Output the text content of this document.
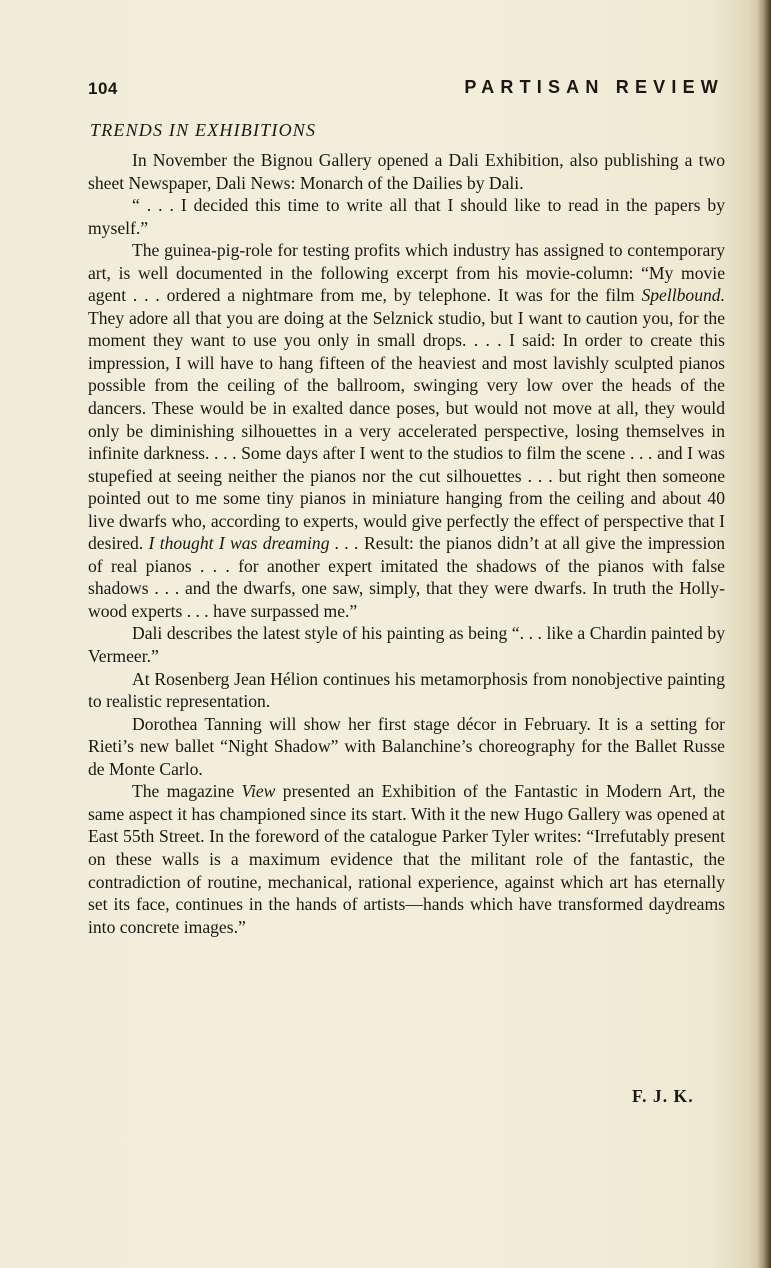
104	PARTISAN REVIEW
TRENDS IN EXHIBITIONS

In November the Bignou Gallery opened a Dali Exhibition, also publishing a two sheet Newspaper, Dali News: Monarch of the Dailies by Dali.

“ . . . I decided this time to write all that I should like to read in the papers by myself.”

The guinea-pig-role for testing profits which industry has assigned to contemporary art, is well documented in the following excerpt from his movie-column: “My movie agent . . . ordered a nightmare from me, by telephone. It was for the film Spellbound. They adore all that you are doing at the Selznick studio, but I want to caution you, for the moment they want to use you only in small drops. . . . I said: In order to create this impression, I will have to hang fifteen of the heaviest and most lavishly sculpted pianos possible from the ceiling of the ballroom, swinging very low over the heads of the dancers. These would be in exalted dance poses, but would not move at all, they would only be diminishing silhouettes in a very accelerated perspective, losing themselves in infinite darkness. . . . Some days after I went to the studios to film the scene . . . and I was stupefied at seeing neither the pianos nor the cut silhouettes . . . but right then someone pointed out to me some tiny pianos in miniature hanging from the ceiling and about 40 live dwarfs who, according to experts, would give perfectly the effect of perspective that I desired. I thought I was dreaming . . . Result: the pianos didn’t at all give the impression of real pianos . . . for another expert imitated the shadows of the pianos with false shadows . . . and the dwarfs, one saw, simply, that they were dwarfs. In truth the Hollywood experts . . . have surpassed me.”

Dali describes the latest style of his painting as being “. . . like a Chardin painted by Vermeer.”

At Rosenberg Jean Hélion continues his metamorphosis from nonobjective painting to realistic representation.

Dorothea Tanning will show her first stage décor in February. It is a setting for Rieti’s new ballet “Night Shadow” with Balanchine’s choreography for the Ballet Russe de Monte Carlo.

The magazine View presented an Exhibition of the Fantastic in Modern Art, the same aspect it has championed since its start. With it the new Hugo Gallery was opened at East 55th Street. In the foreword of the catalogue Parker Tyler writes: “Irrefutably present on these walls is a maximum evidence that the militant role of the fantastic, the contradiction of routine, mechanical, rational experience, against which art has eternally set its face, continues in the hands of artists—hands which have transformed daydreams into concrete images.”

F. J. K.
